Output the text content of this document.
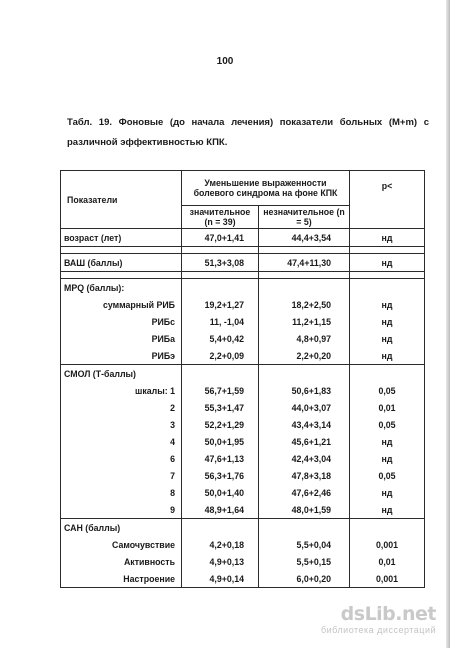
100
Табл. 19. Фоновые (до начала лечения) показатели больных (M+m) с различной эффективностью КПК.
Показатели	Уменьшение выраженности болевого синдрома на фоне КПК		p<
	значительное (n = 39)	незначительное (n = 5)	
возраст (лет)	47,0+1,41	44,4+3,54	нд

ВАШ (баллы)	51,3+3,08	47,4+11,30	нд

MPQ (баллы):			
суммарный РИБ	19,2+1,27	18,2+2,50	нд
РИБс	11, -1,04	11,2+1,15	нд
РИБа	5,4+0,42	4,8+0,97	нд
РИБэ	2,2+0,09	2,2+0,20	нд
СМОЛ (Т-баллы)			
шкалы: 1	56,7+1,59	50,6+1,83	0,05
2	55,3+1,47	44,0+3,07	0,01
3	52,2+1,29	43,4+3,14	0,05
4	50,0+1,95	45,6+1,21	нд
6	47,6+1,13	42,4+3,04	нд
7	56,3+1,76	47,8+3,18	0,05
8	50,0+1,40	47,6+2,46	нд
9	48,9+1,64	48,0+1,59	нд
САН (баллы)			
Самочувствие	4,2+0,18	5,5+0,04	0,001
Активность	4,9+0,13	5,5+0,15	0,01
Настроение	4,9+0,14	6,0+0,20	0,001
dsLib.net
библиотека диссертаций
